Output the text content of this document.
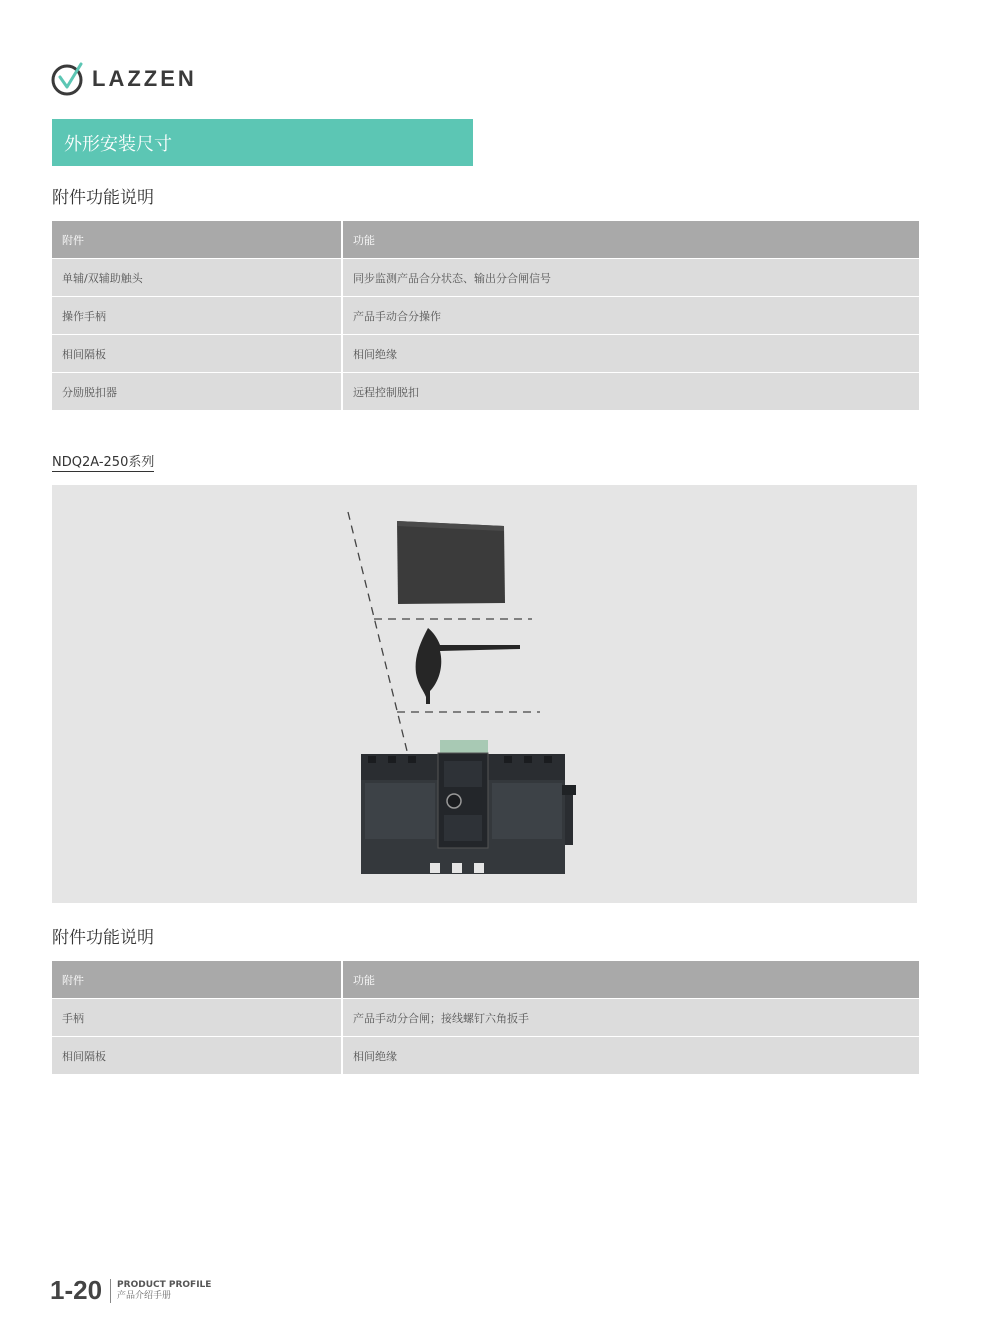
LAZZEN
外形安装尺寸
附件功能说明
附件	功能
单辅/双辅助触头	同步监测产品合分状态、输出分合闸信号
操作手柄	产品手动合分操作
相间隔板	相间绝缘
分励脱扣器	远程控制脱扣
NDQ2A-250系列
附件功能说明
附件	功能
手柄	产品手动分合闸；接线螺钉六角扳手
相间隔板	相间绝缘
1-20 PRODUCT PROFILE
产品介绍手册
